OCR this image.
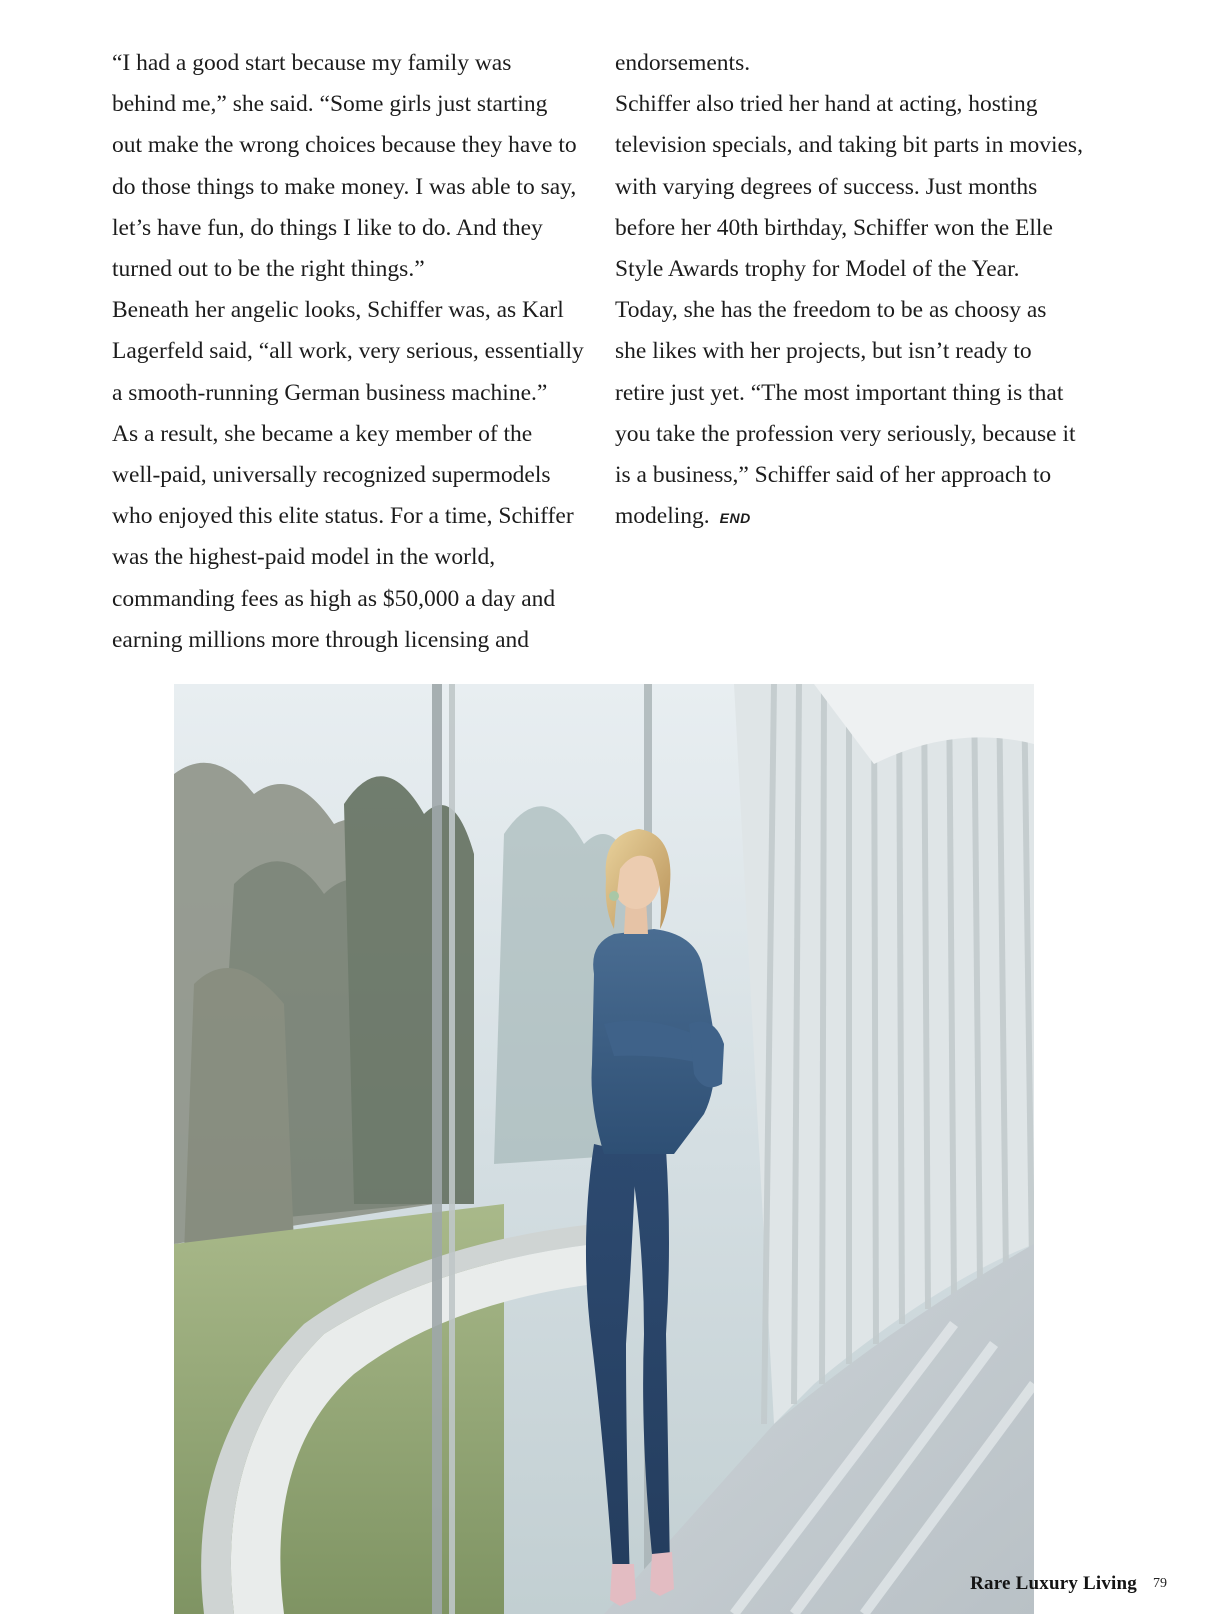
“I had a good start because my family was
behind me,” she said. “Some girls just starting
out make the wrong choices because they have to
do those things to make money. I was able to say,
let’s have fun, do things I like to do. And they
turned out to be the right things.”
Beneath her angelic looks, Schiffer was, as Karl
Lagerfeld said, “all work, very serious, essentially
a smooth-running German business machine.”
As a result, she became a key member of the
well-paid, universally recognized supermodels
who enjoyed this elite status. For a time, Schiffer
was the highest-paid model in the world,
commanding fees as high as $50,000 a day and
earning millions more through licensing and
endorsements.
Schiffer also tried her hand at acting, hosting
television specials, and taking bit parts in movies,
with varying degrees of success. Just months
before her 40th birthday, Schiffer won the Elle
Style Awards trophy for Model of the Year.
Today, she has the freedom to be as choosy as
she likes with her projects, but isn’t ready to
retire just yet. “The most important thing is that
you take the profession very seriously, because it
is a business,” Schiffer said of her approach to
modeling. END
Rare Luxury Living 79
